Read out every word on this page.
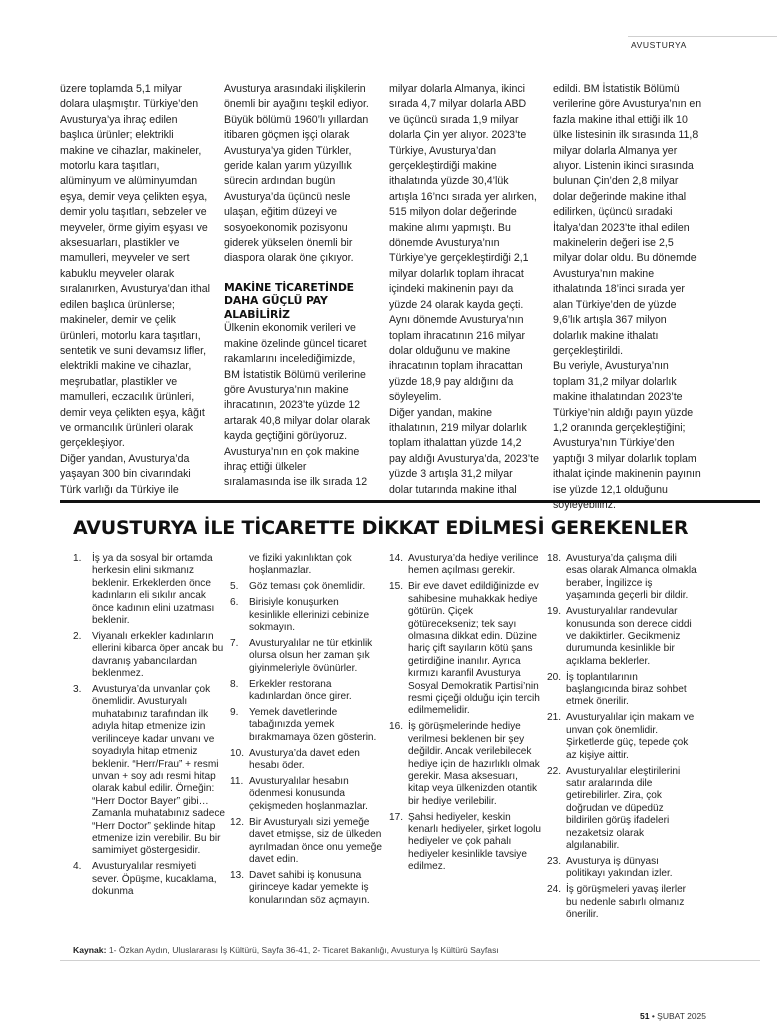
AVUSTURYA

üzere toplamda 5,1 milyar dolara ulaşmıştır. Türkiye’den Avusturya’ya ihraç edilen başlıca ürünler; elektrikli makine ve cihazlar, makineler, motorlu kara taşıtları, alüminyum ve alüminyumdan eşya, demir veya çelikten eşya, demir yolu taşıtları, sebzeler ve meyveler, örme giyim eşyası ve aksesuarları, plastikler ve mamulleri, meyveler ve sert kabuklu meyveler olarak sıralanırken, Avusturya’dan ithal edilen başlıca ürünlerse; makineler, demir ve çelik ürünleri, motorlu kara taşıtları, sentetik ve suni devamsız lifler, elektrikli makine ve cihazlar, meşrubatlar, plastikler ve mamulleri, eczacılık ürünleri, demir veya çelikten eşya, kâğıt ve ormancılık ürünleri olarak gerçekleşiyor.

Diğer yandan, Avusturya’da yaşayan 300 bin civarındaki Türk varlığı da Türkiye ile

Avusturya arasındaki ilişkilerin önemli bir ayağını teşkil ediyor. Büyük bölümü 1960’lı yıllardan itibaren göçmen işçi olarak Avusturya’ya giden Türkler, geride kalan yarım yüzyıllık sürecin ardından bugün Avusturya’da üçüncü nesle ulaşan, eğitim düzeyi ve sosyoekonomik pozisyonu giderek yükselen önemli bir diaspora olarak öne çıkıyor.

MAKİNE TİCARETİNDE DAHA GÜÇLÜ PAY ALABİLİRİZ

Ülkenin ekonomik verileri ve makine özelinde güncel ticaret rakamlarını incelediğimizde, BM İstatistik Bölümü verilerine göre Avusturya’nın makine ihracatının, 2023’te yüzde 12 artarak 40,8 milyar dolar olarak kayda geçtiğini görüyoruz. Avusturya’nın en çok makine ihraç ettiği ülkeler sıralamasında ise ilk sırada 12

milyar dolarla Almanya, ikinci sırada 4,7 milyar dolarla ABD ve üçüncü sırada 1,9 milyar dolarla Çin yer alıyor. 2023’te Türkiye, Avusturya’dan gerçekleştirdiği makine ithalatında yüzde 30,4’lük artışla 16’ncı sırada yer alırken, 515 milyon dolar değerinde makine alımı yapmıştı. Bu dönemde Avusturya’nın Türkiye’ye gerçekleştirdiği 2,1 milyar dolarlık toplam ihracat içindeki makinenin payı da yüzde 24 olarak kayda geçti. Aynı dönemde Avusturya’nın toplam ihracatının 216 milyar dolar olduğunu ve makine ihracatının toplam ihracattan yüzde 18,9 pay aldığını da söyleyelim.

Diğer yandan, makine ithalatının, 219 milyar dolarlık toplam ithalattan yüzde 14,2 pay aldığı Avusturya’da, 2023’te yüzde 3 artışla 31,2 milyar dolar tutarında makine ithal

edildi. BM İstatistik Bölümü verilerine göre Avusturya’nın en fazla makine ithal ettiği ilk 10 ülke listesinin ilk sırasında 11,8 milyar dolarla Almanya yer alıyor. Listenin ikinci sırasında bulunan Çin’den 2,8 milyar dolar değerinde makine ithal edilirken, üçüncü sıradaki İtalya’dan 2023’te ithal edilen makinelerin değeri ise 2,5 milyar dolar oldu. Bu dönemde Avusturya’nın makine ithalatında 18’inci sırada yer alan Türkiye’den de yüzde 9,6’lık artışla 367 milyon dolarlık makine ithalatı gerçekleştirildi.

Bu veriyle, Avusturya’nın toplam 31,2 milyar dolarlık makine ithalatından 2023’te Türkiye’nin aldığı payın yüzde 1,2 oranında gerçekleştiğini; Avusturya’nın Türkiye’den yaptığı 3 milyar dolarlık toplam ithalat içinde makinenin payının ise yüzde 12,1 olduğunu söyleyebiliriz.

AVUSTURYA İLE TİCARETTE DİKKAT EDİLMESİ GEREKENLER
1.	İş ya da sosyal bir ortamda herkesin elini sıkmanız beklenir. Erkeklerden önce kadınların eli sıkılır ancak önce kadının elini uzatması beklenir.
2.	Viyanalı erkekler kadınların ellerini kibarca öper ancak bu davranış yabancılardan beklenmez.
3.	Avusturya’da unvanlar çok önemlidir. Avusturyalı muhatabınız tarafından ilk adıyla hitap etmenize izin verilinceye kadar unvanı ve soyadıyla hitap etmeniz beklenir. “Herr/Frau” + resmi unvan + soy adı resmi hitap olarak kabul edilir. Örneğin: “Herr Doctor Bayer” gibi… Zamanla muhatabınız sadece “Herr Doctor” şeklinde hitap etmenize izin verebilir. Bu bir samimiyet göstergesidir.
4.	Avusturyalılar resmiyeti sever. Öpüşme, kucaklama, dokunma
ve fiziki yakınlıktan çok hoşlanmazlar.
5.	Göz teması çok önemlidir.
6.	Birisiyle konuşurken kesinlikle ellerinizi cebinize sokmayın.
7.	Avusturyalılar ne tür etkinlik olursa olsun her zaman şık giyinmeleriyle övünürler.
8.	Erkekler restorana kadınlardan önce girer.
9.	Yemek davetlerinde tabağınızda yemek bırakmamaya özen gösterin.
10. Avusturya’da davet eden hesabı öder.
11. Avusturyalılar hesabın ödenmesi konusunda çekişmeden hoşlanmazlar.
12. Bir Avusturyalı sizi yemeğe davet etmişse, siz de ülkeden ayrılmadan önce onu yemeğe davet edin.
13. Davet sahibi iş konusuna girinceye kadar yemekte iş konularından söz açmayın.
14. Avusturya’da hediye verilince hemen açılması gerekir.
15. Bir eve davet edildiğinizde ev sahibesine muhakkak hediye götürün. Çiçek götürecekseniz; tek sayı olmasına dikkat edin. Düzine hariç çift sayıların kötü şans getirdiğine inanılır. Ayrıca kırmızı karanfil Avusturya Sosyal Demokratik Partisi’nin resmi çiçeği olduğu için tercih edilmemelidir.
16. İş görüşmelerinde hediye verilmesi beklenen bir şey değildir. Ancak verilebilecek hediye için de hazırlıklı olmak gerekir. Masa aksesuarı, kitap veya ülkenizden otantik bir hediye verilebilir.
17. Şahsi hediyeler, keskin kenarlı hediyeler, şirket logolu hediyeler ve çok pahalı hediyeler kesinlikle tavsiye edilmez.
18. Avusturya’da çalışma dili esas olarak Almanca olmakla beraber, İngilizce iş yaşamında geçerli bir dildir.
19. Avusturyalılar randevular konusunda son derece ciddi ve dakiktirler. Gecikmeniz durumunda kesinlikle bir açıklama beklerler.
20. İş toplantılarının başlangıcında biraz sohbet etmek önerilir.
21. Avusturyalılar için makam ve unvan çok önemlidir. Şirketlerde güç, tepede çok az kişiye aittir.
22. Avusturyalılar eleştirilerini satır aralarında dile getirebilirler. Zira, çok doğrudan ve düpedüz bildirilen görüş ifadeleri nezaketsiz olarak algılanabilir.
23. Avusturya iş dünyası politikayı yakından izler.
24. İş görüşmeleri yavaş ilerler bu nedenle sabırlı olmanız önerilir.
Kaynak: 1- Özkan Aydın, Uluslararası İş Kültürü, Sayfa 36-41, 2- Ticaret Bakanlığı, Avusturya İş Kültürü Sayfası
51 • ŞUBAT 2025
